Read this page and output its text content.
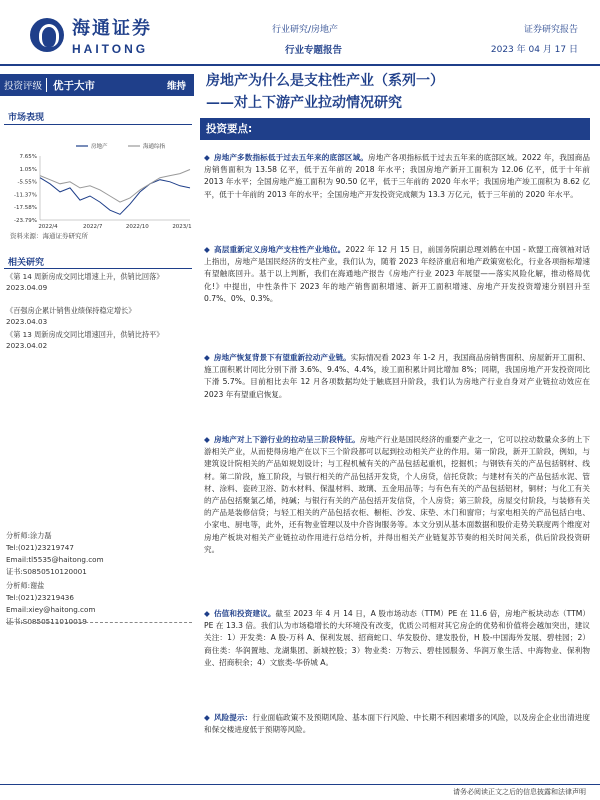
海通证券
HAITONG
行业研究/房地产
行业专题报告
证券研究报告
2023 年 04 月 17 日
投资评级 优于大市	维持	房地产为什么是支柱性产业（系列一）
——对上下游产业拉动情况研究
市场表现
房地产	海通综指
7.65%
1.05%
-5.55%
-11.37%
-17.58%
-23.79%
2022/4	2022/7	2022/10	2023/1
资料来源：海通证券研究所
相关研究
《第 14 周新房成交同比增速上升，供销比回落》
2023.04.09
《百强房企累计销售业绩保持稳定增长》
2023.04.03
《第 13 周新房成交同比增速回升，供销比持平》
2023.04.02
分析师:涂力磊
Tel:(021)23219747
Email:tl5535@haitong.com
证书:S0850510120001
分析师:谢盐
Tel:(021)23219436
Email:xiey@haitong.com
证书:S0850511010019
投资要点:
◆ 房地产多数指标低于过去五年来的底部区域。房地产各项指标低于过去五年来的底部区域。2022 年，我国商品房销售面积为 13.58 亿平，低于五年前的 2018 年水平；我国房地产新开工面积为 12.06 亿平，低于十年前 2013 年水平；全国房地产施工面积为 90.50 亿平，低于三年前的 2020 年水平；我国房地产竣工面积为 8.62 亿平，低于十年前的 2013 年的水平；全国房地产开发投资完成额为 13.3 万亿元，低于三年前的 2020 年水平。
◆ 高层重新定义房地产支柱性产业地位。2022 年 12 月 15 日，前国务院副总理刘鹤在中国 - 欧盟工商领袖对话上指出，房地产是国民经济的支柱产业，我们认为，随着 2023 年经济重启和地产政策宽松化，行业各项指标增速有望触底回升。基于以上判断，我们在海通地产报告《房地产行业 2023 年展望——落实风险化解，推动格局优化!》中提出，中性条件下 2023 年的地产销售面积增速、新开工面积增速、房地产开发投资增速分别回升至 0.7%、0%、0.3%。
◆ 房地产恢复背景下有望重新拉动产业链。实际情况看 2023 年 1-2 月，我国商品房销售面积、房屋新开工面积、施工面积累计同比分别下滑 3.6%、9.4%、4.4%，竣工面积累计同比增加 8%；同期，我国房地产开发投资同比下滑 5.7%。目前相比去年 12 月各项数据均处于触底回升阶段，我们认为房地产行业自身对产业链拉动效应在 2023 年有望重启恢复。
◆ 房地产对上下游行业的拉动呈三阶段特征。房地产行业是国民经济的重要产业之一，它可以拉动数量众多的上下游相关产业，从而使得房地产在以下三个阶段都可以起到拉动相关产业的作用。第一阶段，新开工阶段，例如，与建筑设计院相关的产品如规划设计；与工程机械有关的产品包括起重机，挖掘机；与钢铁有关的产品包括钢材、线材。第二阶段，施工阶段，与银行相关的产品包括开发贷，个人房贷，信托贷款；与建材有关的产品包括水泥、管材、涂料、瓷砖卫浴、防水材料、保温材料、玻璃、五金用品等；与有色有关的产品包括铝材，铜材；与化工有关的产品包括聚氯乙烯，纯碱；与银行有关的产品包括开发信贷，个人房贷；第三阶段，房屋交付阶段，与装修有关的产品是装修信贷；与轻工相关的产品包括衣柜、橱柜、沙发、床垫、木门和窗帘；与家电相关的产品包括白电、小家电、厨电等，此外，还有物业管理以及中介咨询服务等。本文分别从基本面数据和股价走势关联度两个维度对房地产板块对相关产业链拉动作用进行总结分析，并得出相关产业链复苏节奏的相关时间关系，供后阶段投资研究。
◆ 估值和投资建议。截至 2023 年 4 月 14 日，A 股市场动态（TTM）PE 在 11.6 倍，房地产板块动态（TTM）PE 在 13.3 倍。我们认为市场稳增长的大环境没有改变，优质公司相对其它房企的优势和价值将会越加突出，建议关注：1）开发类：A 股-万科 A、保利发展、招商蛇口、华发股份、建发股份，H 股-中国海外发展、碧桂园；2）商住类：华润置地、龙湖集团、新城控股；3）物业类：万物云、碧桂园服务、华润万象生活、中海物业、保利物业、招商积余；4）文旅类-华侨城 A。
◆ 风险提示：行业面临政策不及预期风险、基本面下行风险、中长期不利因素增多的风险，以及房企企业出清进度和保交楼进度低于预期等风险。
请务必阅读正文之后的信息披露和法律声明
